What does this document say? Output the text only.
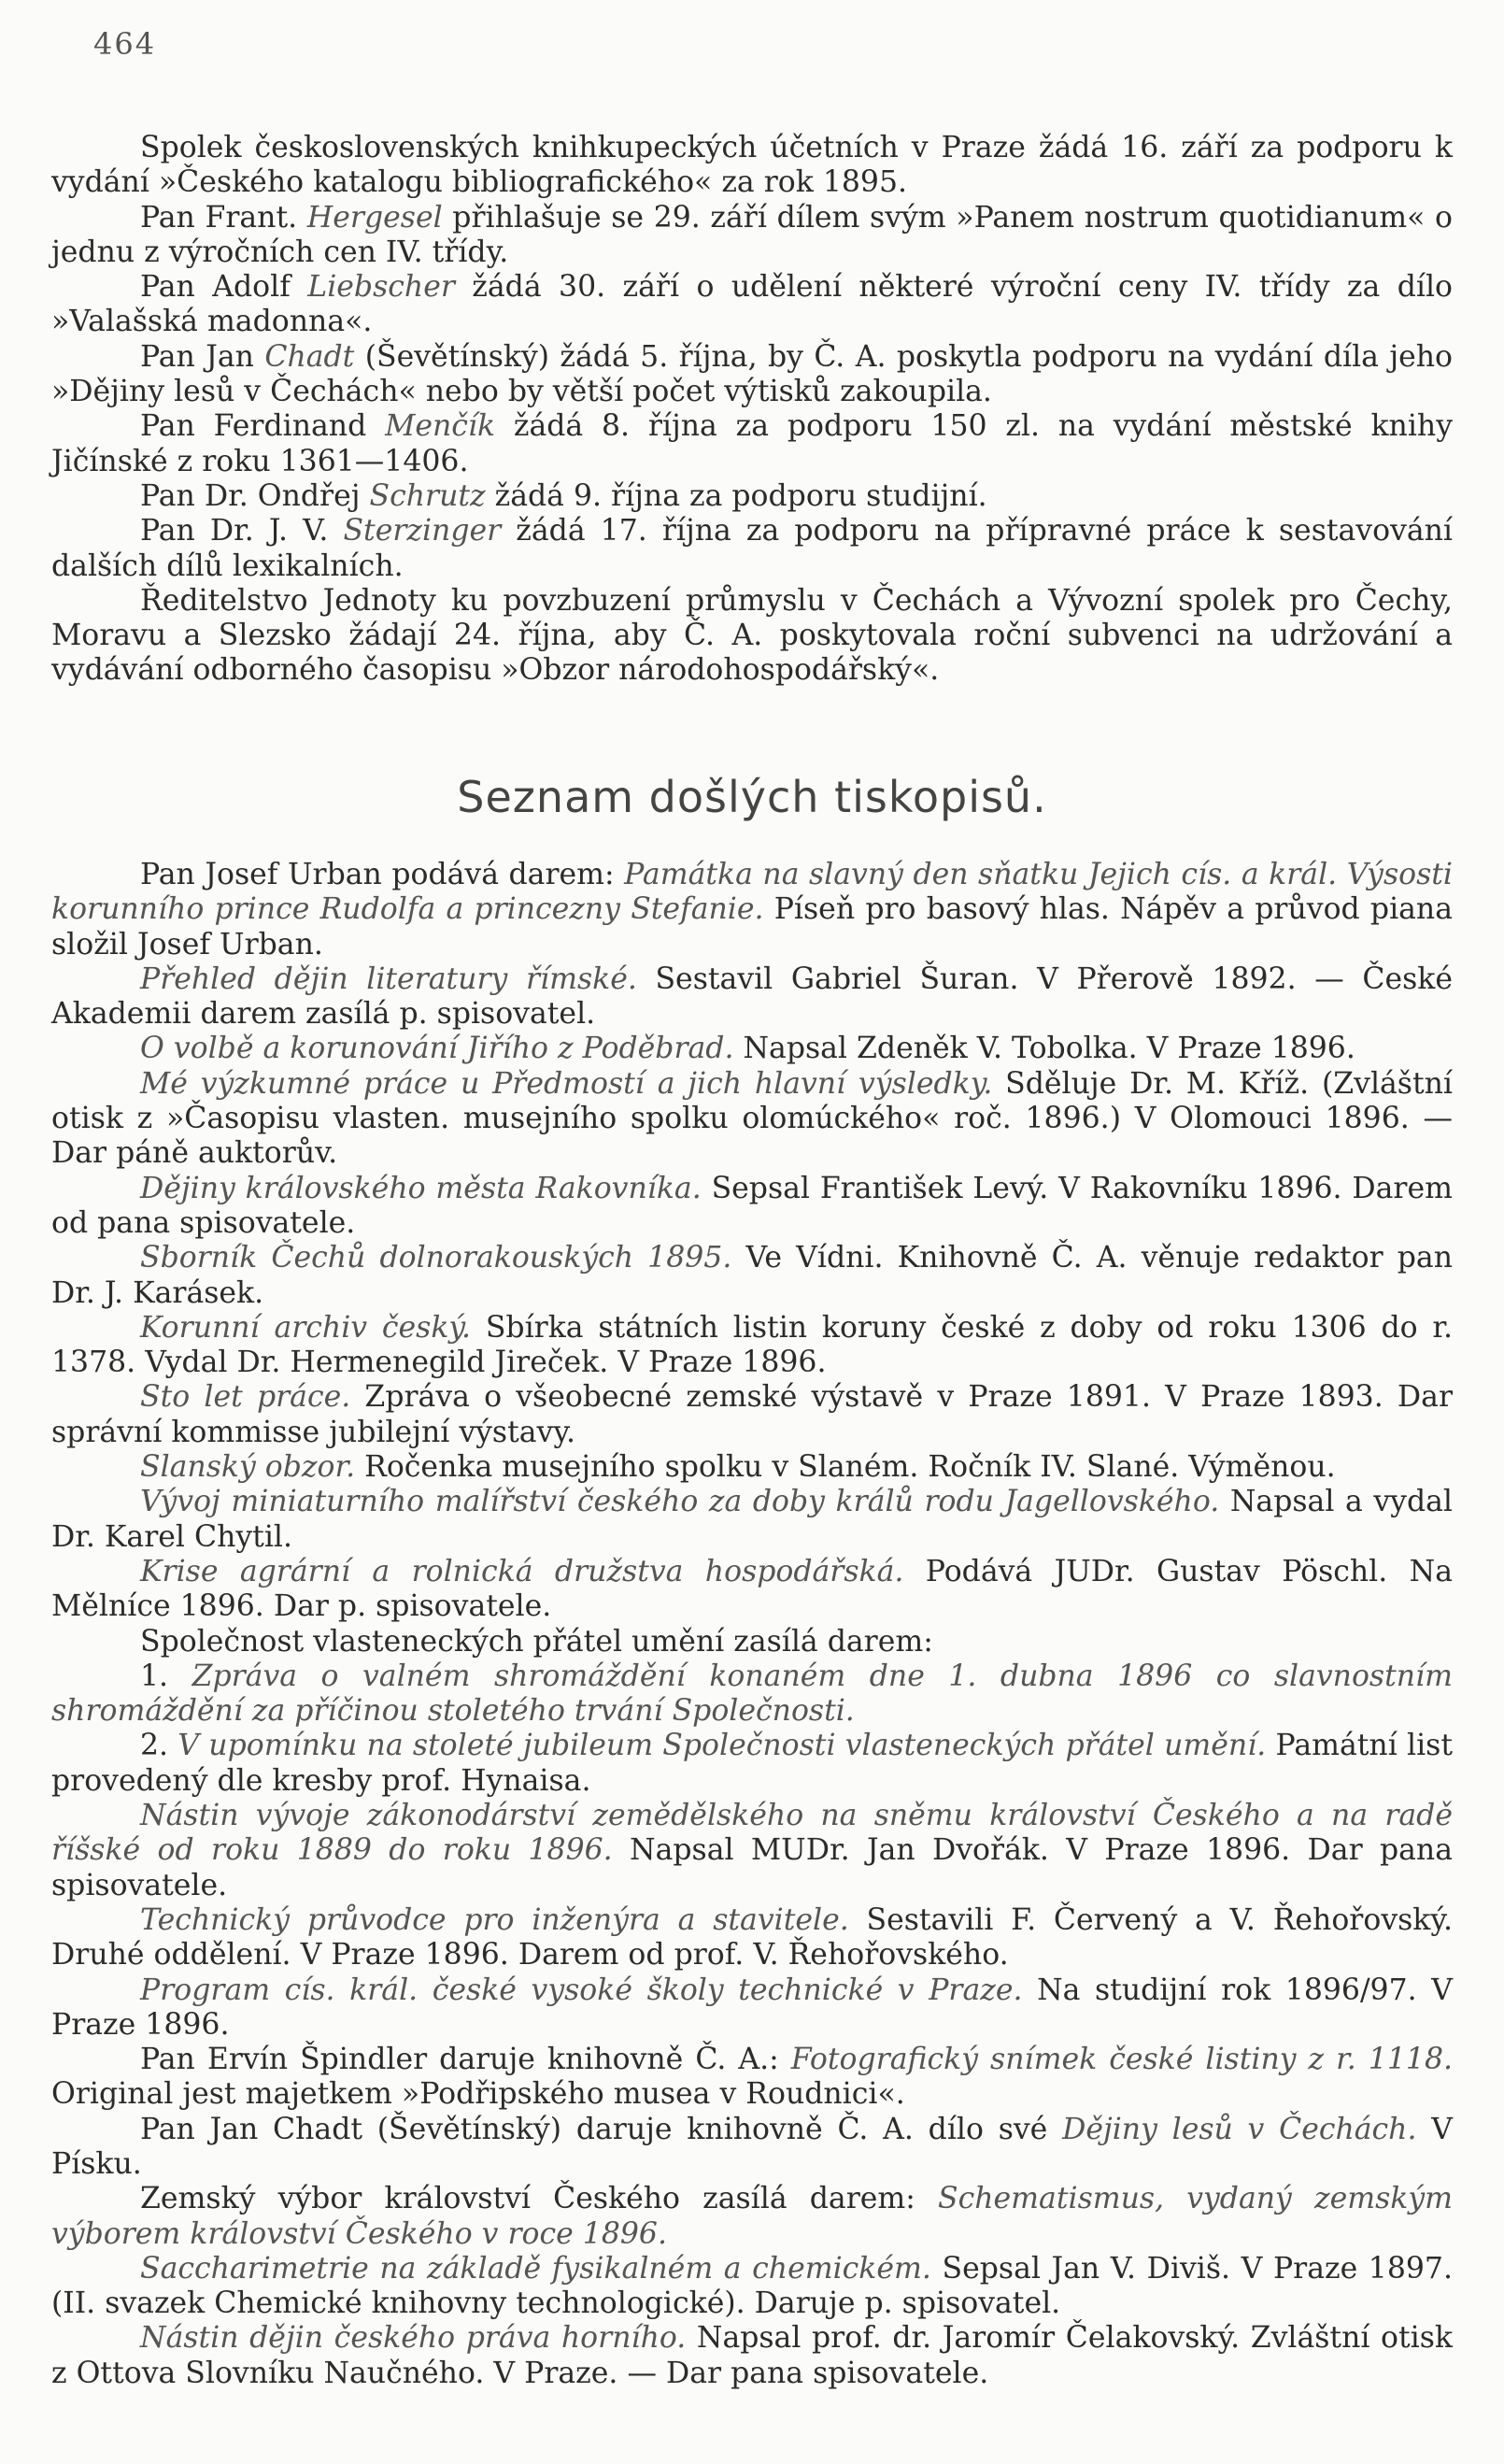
464

Spolek československých knihkupeckých účetních v Praze žádá 16. září za podporu k vydání »Českého katalogu bibliografického« za rok 1895.

Pan Frant. Hergesel přihlašuje se 29. září dílem svým »Panem nostrum quotidianum« o jednu z výročních cen IV. třídy.

Pan Adolf Liebscher žádá 30. září o udělení některé výroční ceny IV. třídy za dílo »Valašská madonna«.

Pan Jan Chadt (Ševětínský) žádá 5. října, by Č. A. poskytla podporu na vydání díla jeho »Dějiny lesů v Čechách« nebo by větší počet výtisků zakoupila.

Pan Ferdinand Menčík žádá 8. října za podporu 150 zl. na vydání městské knihy Jičínské z roku 1361—1406.

Pan Dr. Ondřej Schrutz žádá 9. října za podporu studijní.

Pan Dr. J. V. Sterzinger žádá 17. října za podporu na přípravné práce k sestavování dalších dílů lexikalních.

Ředitelstvo Jednoty ku povzbuzení průmyslu v Čechách a Vývozní spolek pro Čechy, Moravu a Slezsko žádají 24. října, aby Č. A. poskytovala roční subvenci na udržování a vydávání odborného časopisu »Obzor národohospodářský«.

Seznam došlých tiskopisů.

Pan Josef Urban podává darem: Památka na slavný den sňatku Jejich cís. a král. Výsosti korunního prince Rudolfa a princezny Stefanie. Píseň pro basový hlas. Nápěv a průvod piana složil Josef Urban.

Přehled dějin literatury římské. Sestavil Gabriel Šuran. V Přerově 1892. — České Akademii darem zasílá p. spisovatel.

O volbě a korunování Jiřího z Poděbrad. Napsal Zdeněk V. Tobolka. V Praze 1896.

Mé výzkumné práce u Předmostí a jich hlavní výsledky. Sděluje Dr. M. Kříž. (Zvláštní otisk z »Časopisu vlasten. musejního spolku olomúckého« roč. 1896.) V Olomouci 1896. — Dar páně auktorův.

Dějiny královského města Rakovníka. Sepsal František Levý. V Rakovníku 1896. Darem od pana spisovatele.

Sborník Čechů dolnorakouských 1895. Ve Vídni. Knihovně Č. A. věnuje redaktor pan Dr. J. Karásek.

Korunní archiv český. Sbírka státních listin koruny české z doby od roku 1306 do r. 1378. Vydal Dr. Hermenegild Jireček. V Praze 1896.

Sto let práce. Zpráva o všeobecné zemské výstavě v Praze 1891. V Praze 1893. Dar správní kommisse jubilejní výstavy.

Slanský obzor. Ročenka musejního spolku v Slaném. Ročník IV. Slané. Výměnou.

Vývoj miniaturního malířství českého za doby králů rodu Jagellovského. Napsal a vydal Dr. Karel Chytil.

Krise agrární a rolnická družstva hospodářská. Podává JUDr. Gustav Pöschl. Na Mělníce 1896. Dar p. spisovatele.

Společnost vlasteneckých přátel umění zasílá darem:

1. Zpráva o valném shromáždění konaném dne 1. dubna 1896 co slavnostním shromáždění za příčinou stoletého trvání Společnosti.

2. V upomínku na stoleté jubileum Společnosti vlasteneckých přátel umění. Památní list provedený dle kresby prof. Hynaisa.

Nástin vývoje zákonodárství zemědělského na sněmu království Českého a na radě říšské od roku 1889 do roku 1896. Napsal MUDr. Jan Dvořák. V Praze 1896. Dar pana spisovatele.

Technický průvodce pro inženýra a stavitele. Sestavili F. Červený a V. Řehořovský. Druhé oddělení. V Praze 1896. Darem od prof. V. Řehořovského.

Program cís. král. české vysoké školy technické v Praze. Na studijní rok 1896/97. V Praze 1896.

Pan Ervín Špindler daruje knihovně Č. A.: Fotografický snímek české listiny z r. 1118. Original jest majetkem »Podřipského musea v Roudnici«.

Pan Jan Chadt (Ševětínský) daruje knihovně Č. A. dílo své Dějiny lesů v Čechách. V Písku.

Zemský výbor království Českého zasílá darem: Schematismus, vydaný zemským výborem království Českého v roce 1896.

Saccharimetrie na základě fysikalném a chemickém. Sepsal Jan V. Diviš. V Praze 1897. (II. svazek Chemické knihovny technologické). Daruje p. spisovatel.

Nástin dějin českého práva horního. Napsal prof. dr. Jaromír Čelakovský. Zvláštní otisk z Ottova Slovníku Naučného. V Praze. — Dar pana spisovatele.
